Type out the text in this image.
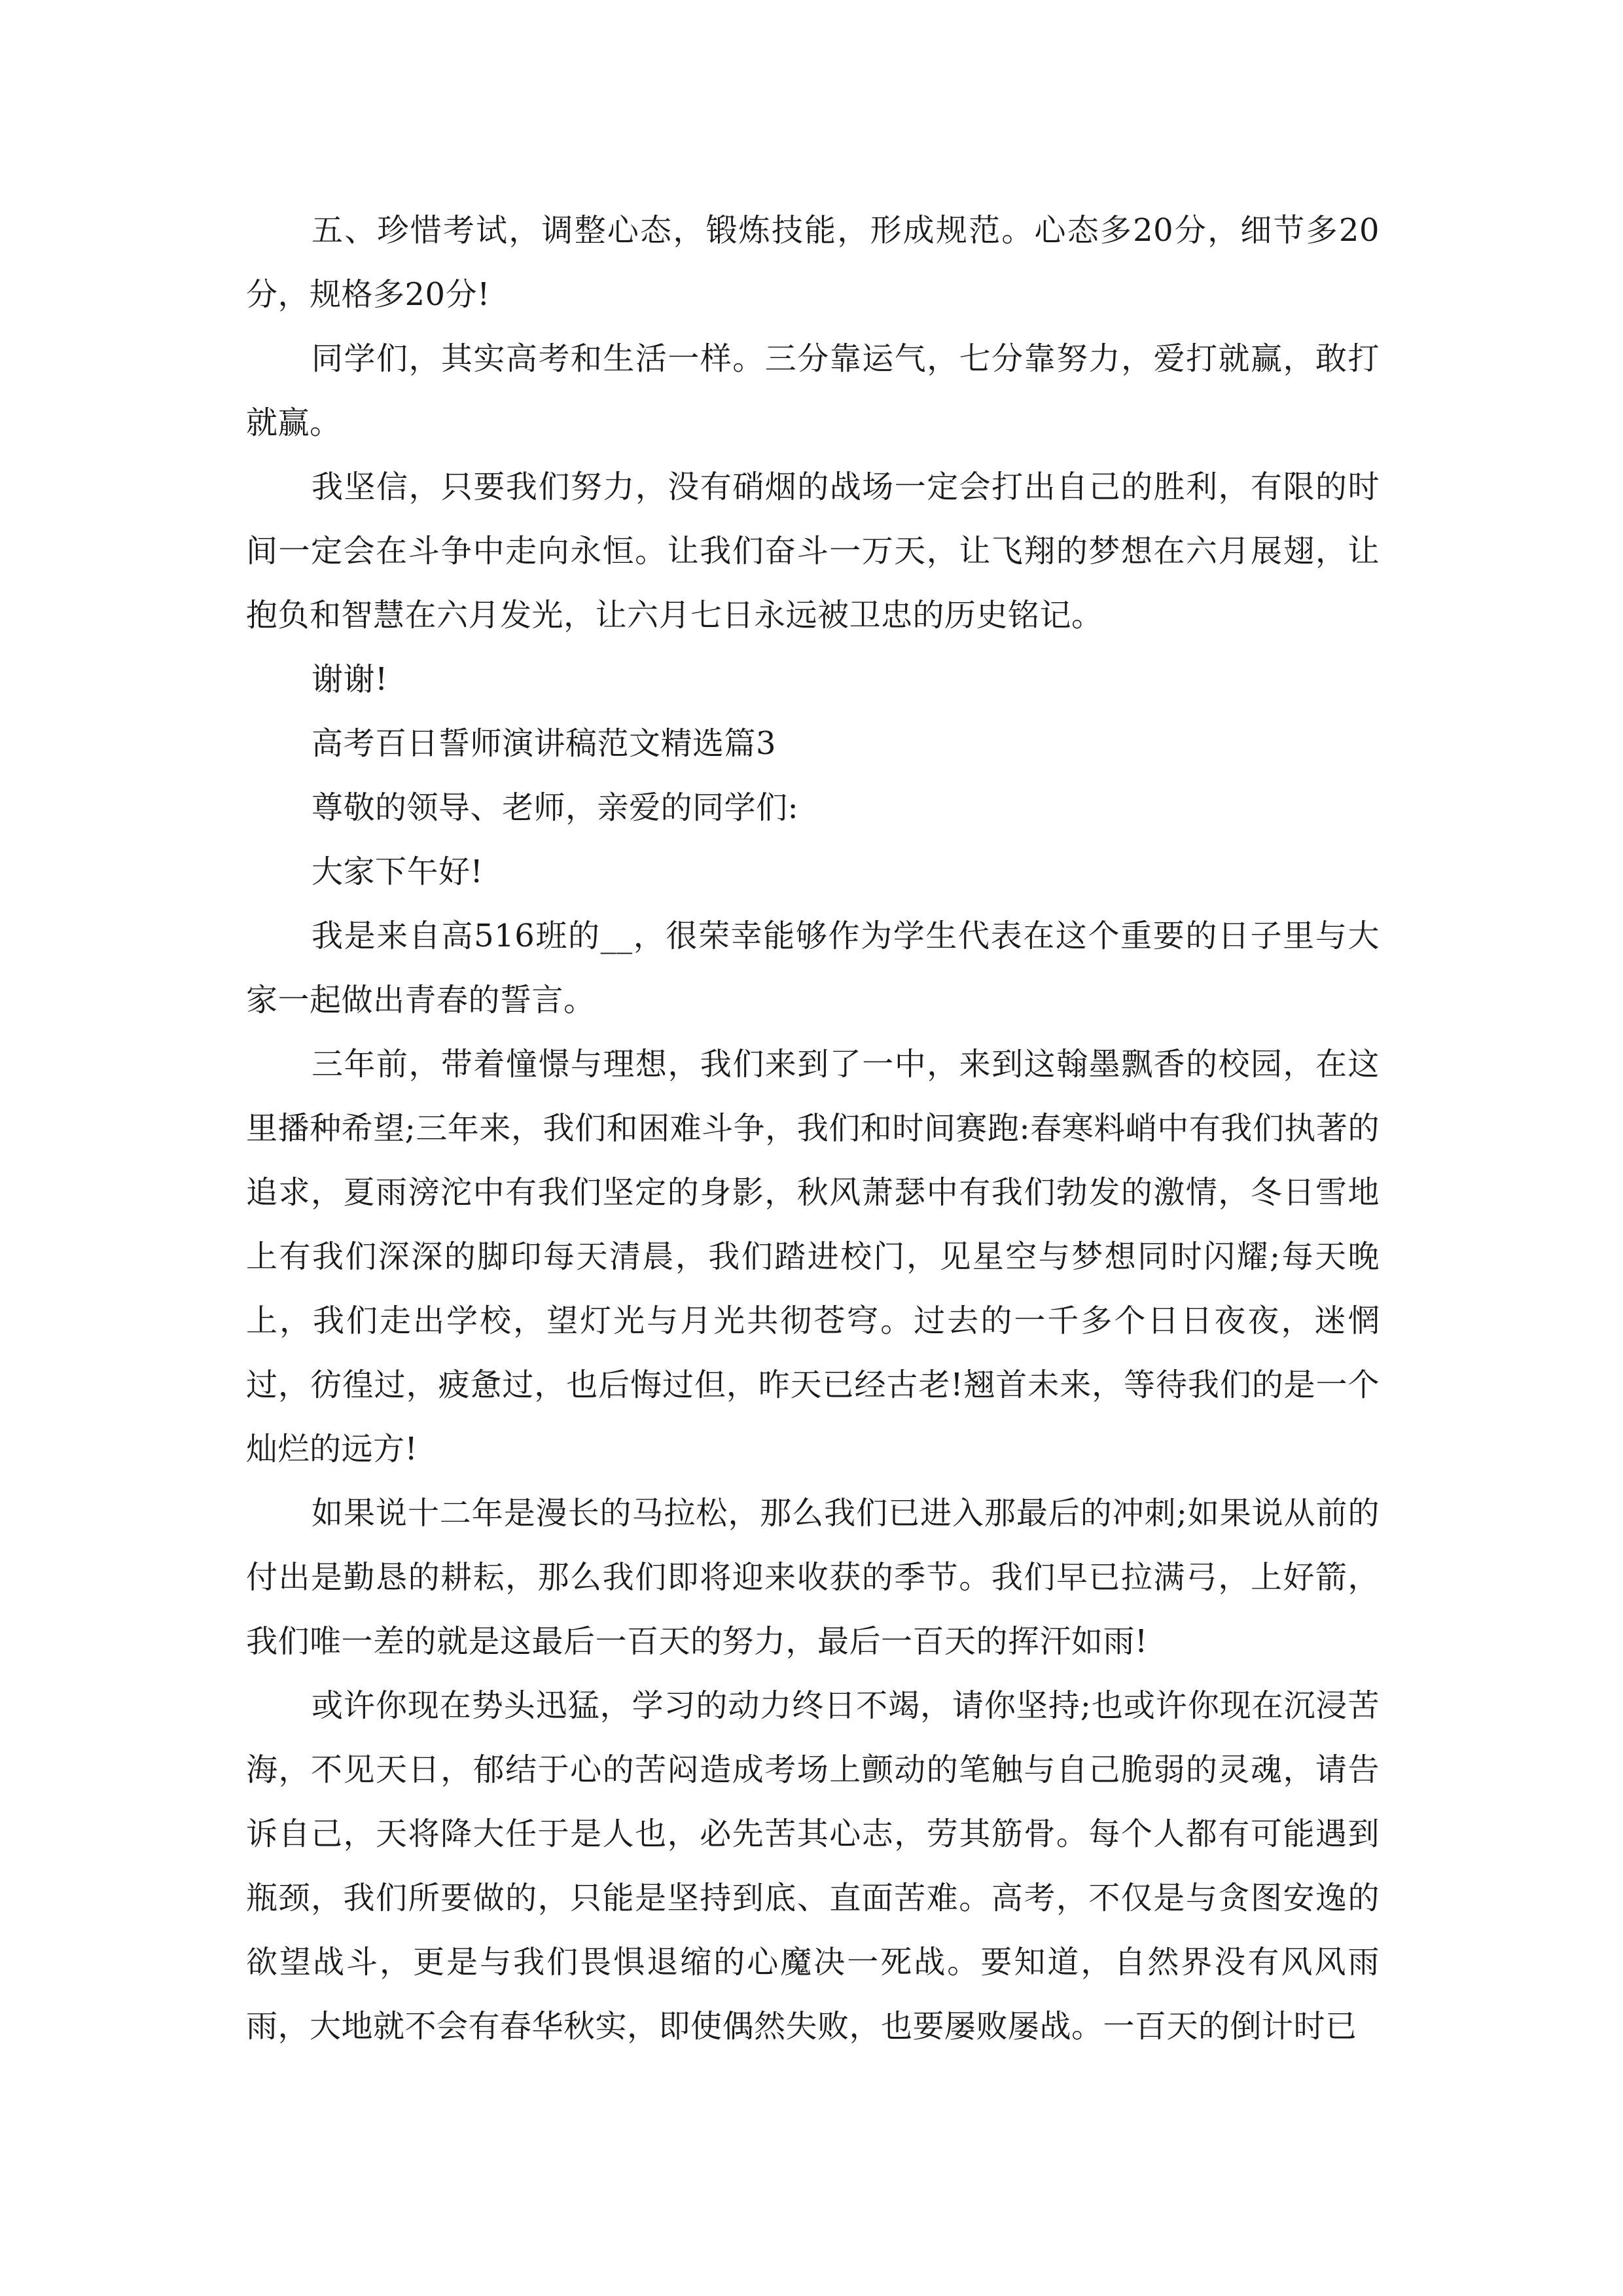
五、珍惜考试，调整心态，锻炼技能，形成规范。心态多20分，细节多20分，规格多20分!

同学们，其实高考和生活一样。三分靠运气，七分靠努力，爱打就赢，敢打就赢。

我坚信，只要我们努力，没有硝烟的战场一定会打出自己的胜利，有限的时间一定会在斗争中走向永恒。让我们奋斗一万天，让飞翔的梦想在六月展翅，让抱负和智慧在六月发光，让六月七日永远被卫忠的历史铭记。

谢谢!

高考百日誓师演讲稿范文精选篇3

尊敬的领导、老师，亲爱的同学们:

大家下午好!

我是来自高516班的__，很荣幸能够作为学生代表在这个重要的日子里与大家一起做出青春的誓言。

三年前，带着憧憬与理想，我们来到了一中，来到这翰墨飘香的校园，在这里播种希望;三年来，我们和困难斗争，我们和时间赛跑:春寒料峭中有我们执著的追求，夏雨滂沱中有我们坚定的身影，秋风萧瑟中有我们勃发的激情，冬日雪地上有我们深深的脚印每天清晨，我们踏进校门，见星空与梦想同时闪耀;每天晚上，我们走出学校，望灯光与月光共彻苍穹。过去的一千多个日日夜夜，迷惘过，彷徨过，疲惫过，也后悔过但，昨天已经古老!翘首未来，等待我们的是一个灿烂的远方!

如果说十二年是漫长的马拉松，那么我们已进入那最后的冲刺;如果说从前的付出是勤恳的耕耘，那么我们即将迎来收获的季节。我们早已拉满弓，上好箭，我们唯一差的就是这最后一百天的努力，最后一百天的挥汗如雨!

或许你现在势头迅猛，学习的动力终日不竭，请你坚持;也或许你现在沉浸苦海，不见天日，郁结于心的苦闷造成考场上颤动的笔触与自己脆弱的灵魂，请告诉自己，天将降大任于是人也，必先苦其心志，劳其筋骨。每个人都有可能遇到瓶颈，我们所要做的，只能是坚持到底、直面苦难。高考，不仅是与贪图安逸的欲望战斗，更是与我们畏惧退缩的心魔决一死战。要知道，自然界没有风风雨雨，大地就不会有春华秋实，即使偶然失败，也要屡败屡战。一百天的倒计时已
